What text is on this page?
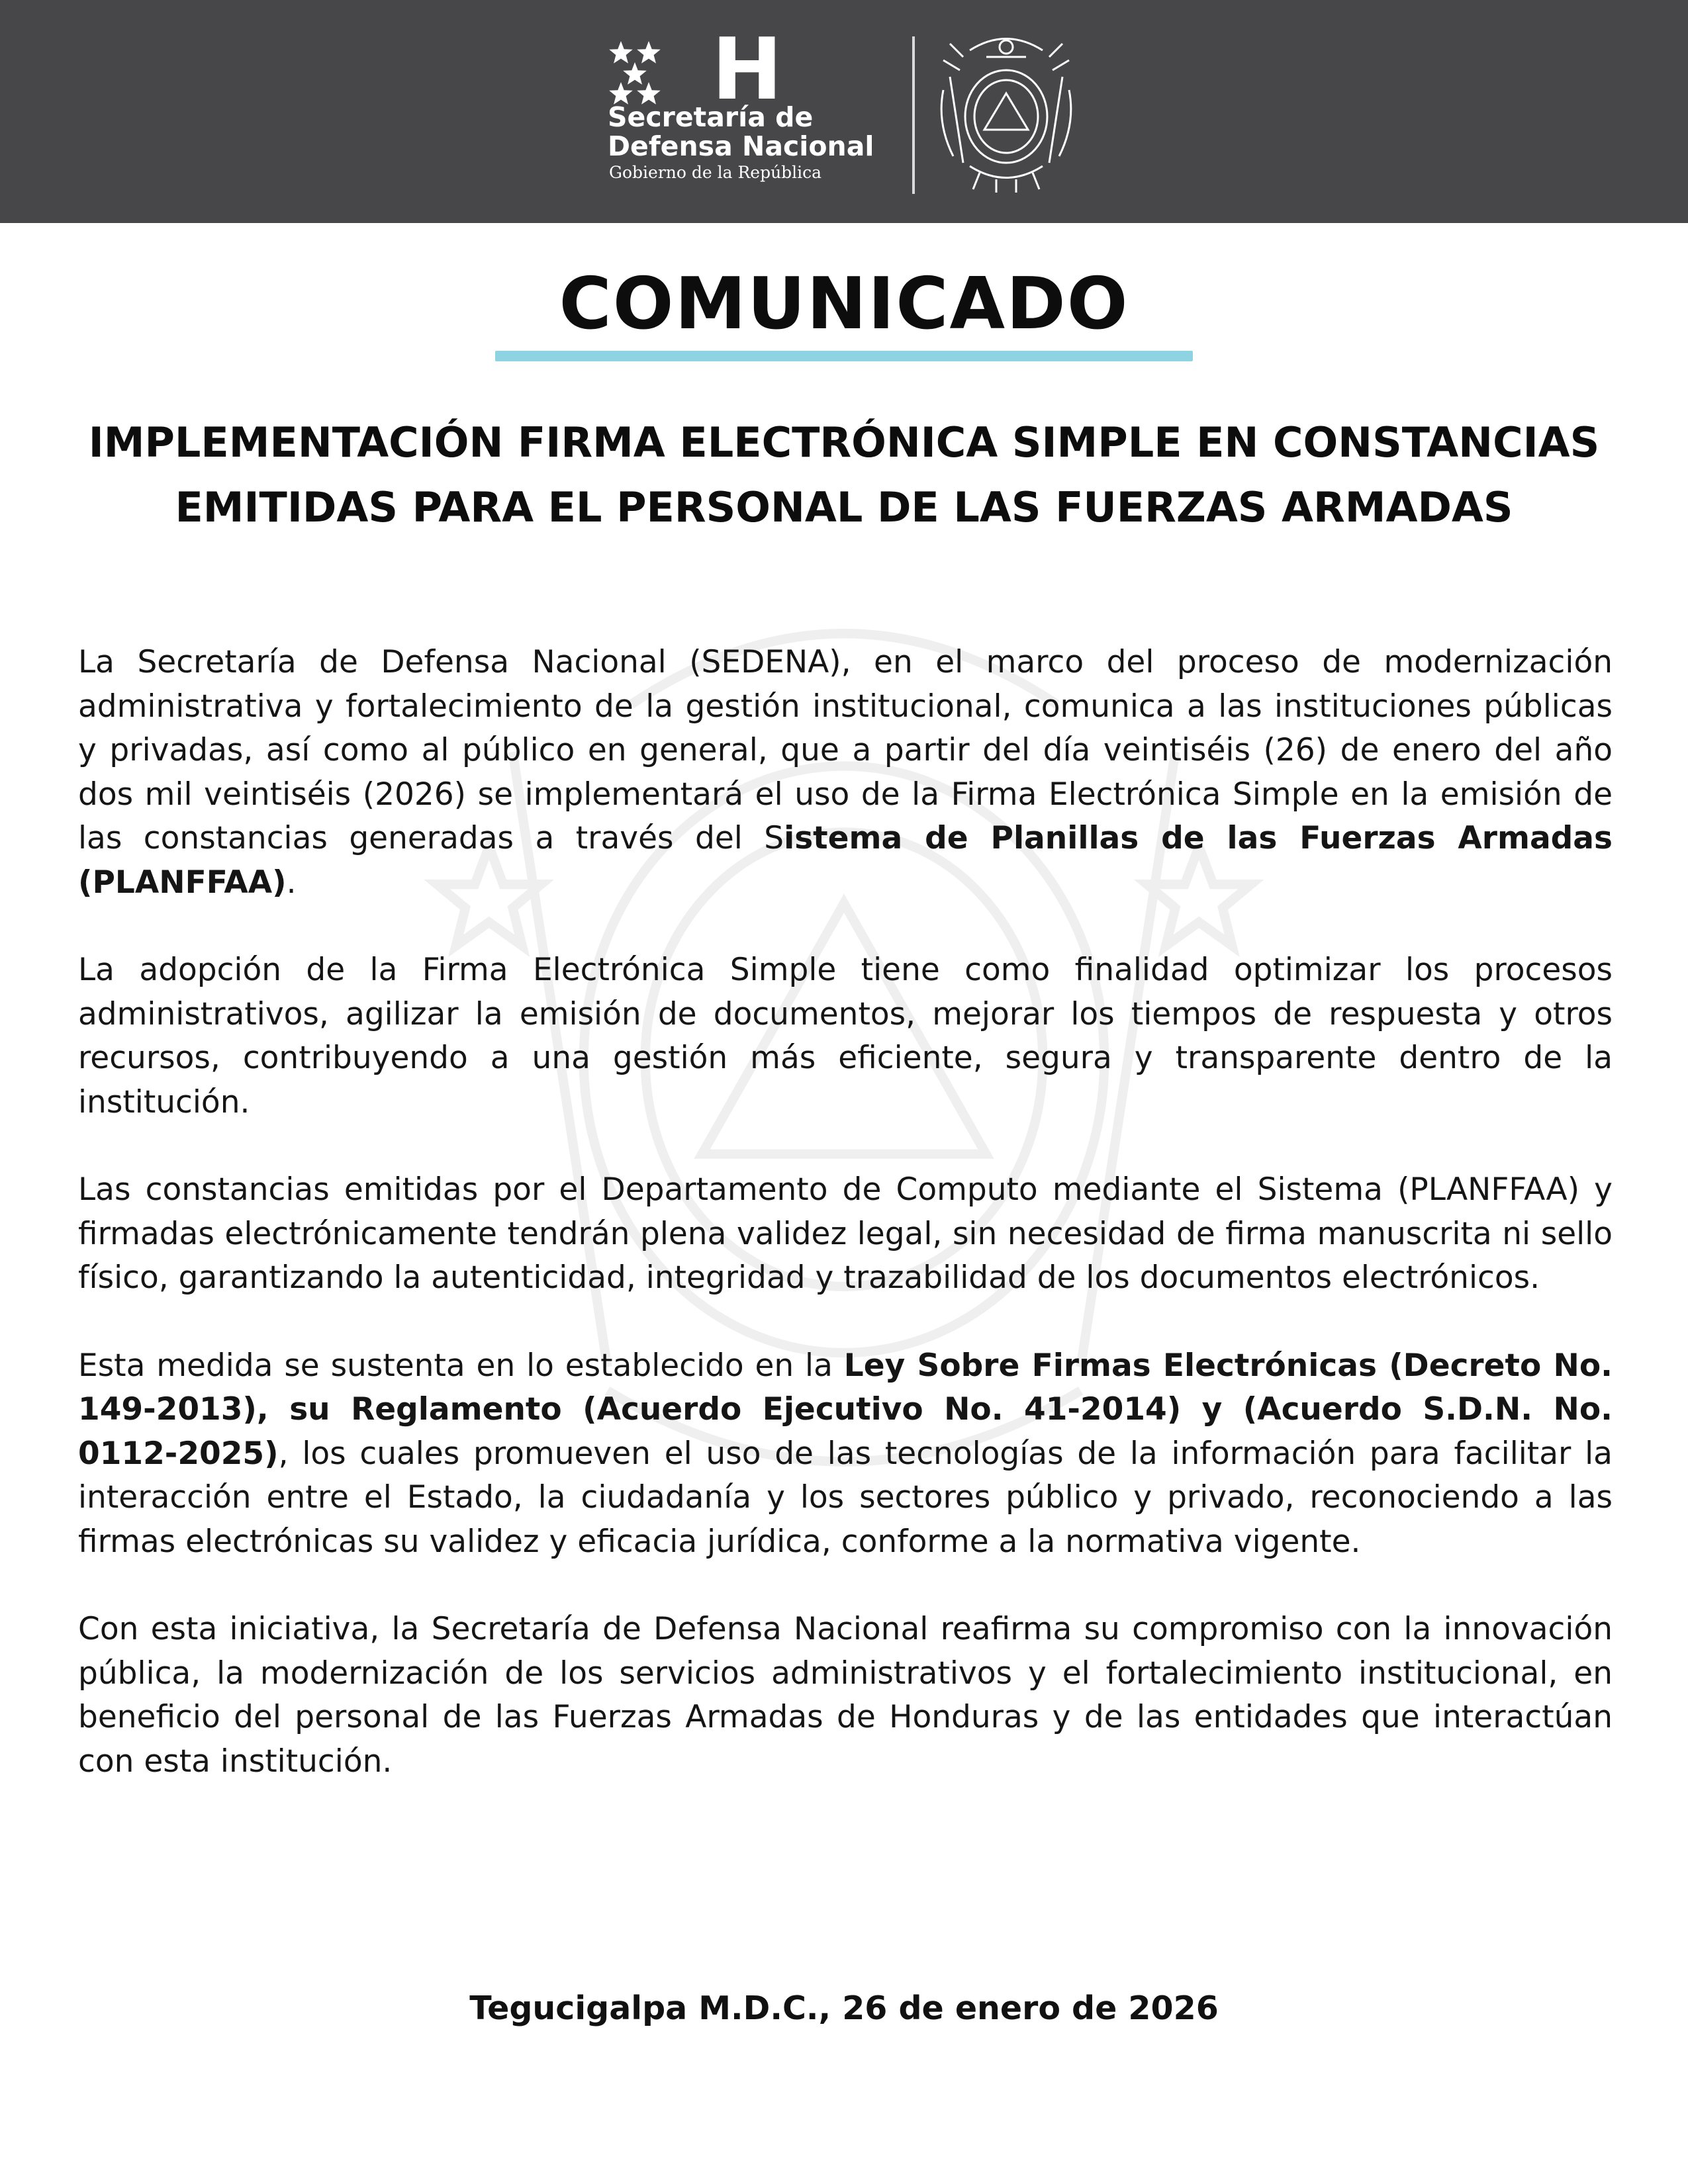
H
Secretaría de
Defensa Nacional
Gobierno de la República
COMUNICADO
IMPLEMENTACIÓN FIRMA ELECTRÓNICA SIMPLE EN CONSTANCIAS EMITIDAS PARA EL PERSONAL DE LAS FUERZAS ARMADAS

La Secretaría de Defensa Nacional (SEDENA), en el marco del proceso de modernización administrativa y fortalecimiento de la gestión institucional, comunica a las instituciones públicas y privadas, así como al público en general, que a partir del día veintiséis (26) de enero del año dos mil veintiséis (2026) se implementará el uso de la Firma Electrónica Simple en la emisión de las constancias generadas a través del Sistema de Planillas de las Fuerzas Armadas (PLANFFAA).

La adopción de la Firma Electrónica Simple tiene como finalidad optimizar los procesos administrativos, agilizar la emisión de documentos, mejorar los tiempos de respuesta y otros recursos, contribuyendo a una gestión más eficiente, segura y transparente dentro de la institución.

Las constancias emitidas por el Departamento de Computo mediante el Sistema (PLANFFAA) y firmadas electrónicamente tendrán plena validez legal, sin necesidad de firma manuscrita ni sello físico, garantizando la autenticidad, integridad y trazabilidad de los documentos electrónicos.

Esta medida se sustenta en lo establecido en la Ley Sobre Firmas Electrónicas (Decreto No. 149-2013), su Reglamento (Acuerdo Ejecutivo No. 41-2014) y (Acuerdo S.D.N. No. 0112-2025), los cuales promueven el uso de las tecnologías de la información para facilitar la interacción entre el Estado, la ciudadanía y los sectores público y privado, reconociendo a las firmas electrónicas su validez y eficacia jurídica, conforme a la normativa vigente.

Con esta iniciativa, la Secretaría de Defensa Nacional reafirma su compromiso con la innovación pública, la modernización de los servicios administrativos y el fortalecimiento institucional, en beneficio del personal de las Fuerzas Armadas de Honduras y de las entidades que interactúan con esta institución.

Tegucigalpa M.D.C., 26 de enero de 2026
